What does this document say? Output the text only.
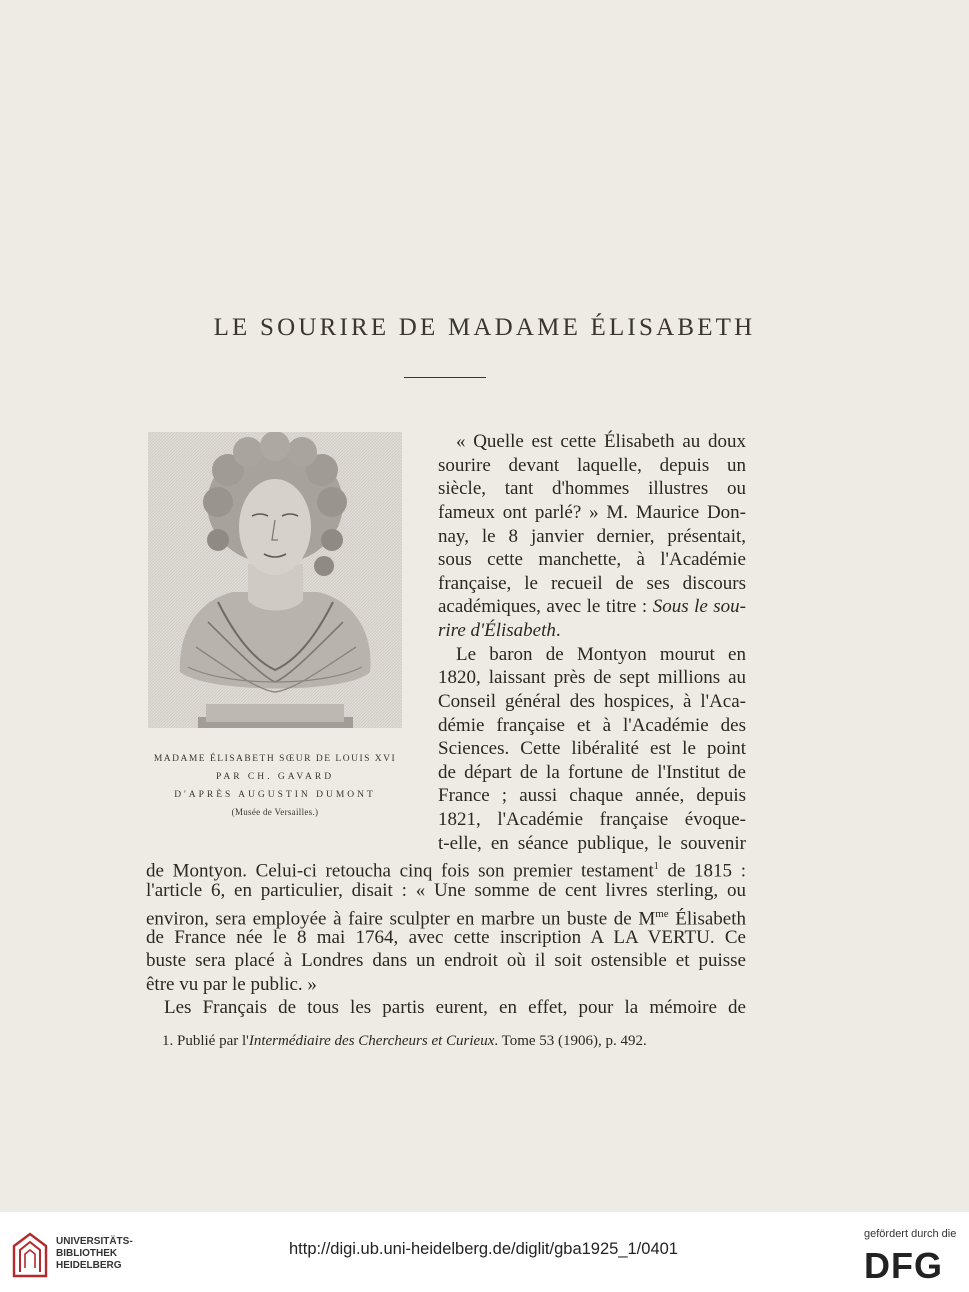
LE SOURIRE DE MADAME ÉLISABETH
MADAME ÉLISABETH SŒUR DE LOUIS XVI
PAR CH. GAVARD
D'APRÈS AUGUSTIN DUMONT
(Musée de Versailles.)
« Quelle est cette Élisabeth au doux
sourire devant laquelle, depuis un
siècle, tant d'hommes illustres ou
fameux ont parlé? » M. Maurice Don-
nay, le 8 janvier dernier, présentait,
sous cette manchette, à l'Académie
française, le recueil de ses discours
académiques, avec le titre : Sous le sou-
rire d'Élisabeth.
Le baron de Montyon mourut en
1820, laissant près de sept millions au
Conseil général des hospices, à l'Aca-
démie française et à l'Académie des
Sciences. Cette libéralité est le point
de départ de la fortune de l'Institut de
France ; aussi chaque année, depuis
1821, l'Académie française évoque-
t-elle, en séance publique, le souvenir
de Montyon. Celui-ci retoucha cinq fois son premier testament$^1$ de 1815 :
l'article 6, en particulier, disait : « Une somme de cent livres sterling, ou
environ, sera employée à faire sculpter en marbre un buste de $M^{me}$ Élisabeth
de France née le 8 mai 1764, avec cette inscription A LA VERTU. Ce
buste sera placé à Londres dans un endroit où il soit ostensible et puisse
être vu par le public. »
Les Français de tous les partis eurent, en effet, pour la mémoire de
1. Publié par l'Intermédiaire des Chercheurs et Curieux. Tome 53 (1906), p. 492.
UNIVERSITÄTS-
BIBLIOTHEK
HEIDELBERG
http://digi.ub.uni-heidelberg.de/diglit/gba1925_1/0401
gefördert durch die
DFG
